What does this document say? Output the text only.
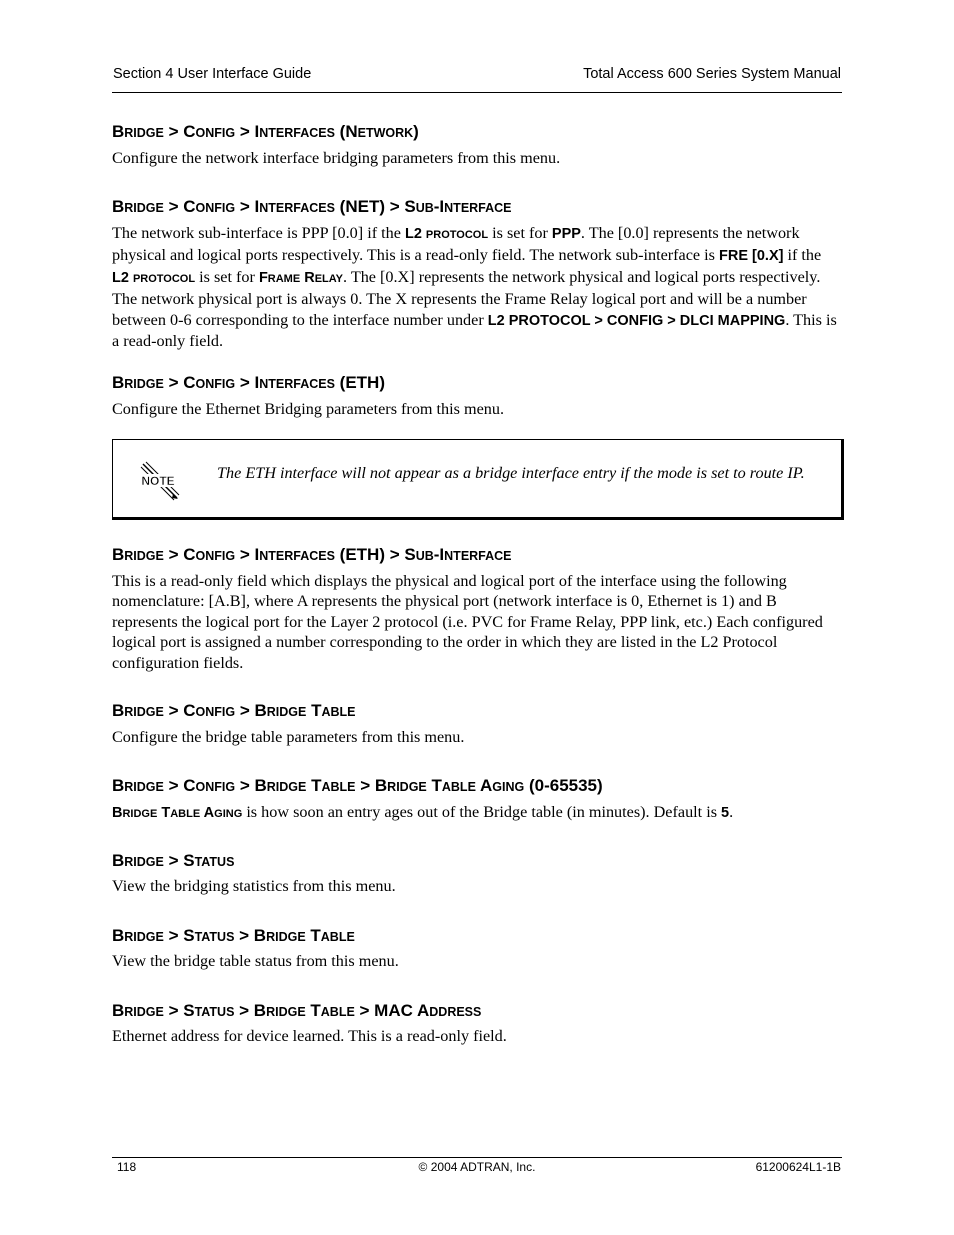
Section 4 User Interface Guide	Total Access 600 Series System Manual
BRIDGE > CONFIG > INTERFACES (NETWORK)

Configure the network interface bridging parameters from this menu.

BRIDGE > CONFIG > INTERFACES (NET) > SUB-INTERFACE

The network sub-interface is PPP [0.0] if the L2 PROTOCOL is set for PPP. The [0.0] represents the network physical and logical ports respectively. This is a read-only field. The network sub-interface is FRE [0.X] if the L2 PROTOCOL is set for FRAME RELAY. The [0.X] represents the network physical and logical ports respectively. The network physical port is always 0. The X represents the Frame Relay logical port and will be a number between 0-6 corresponding to the interface number under L2 PROTOCOL > CONFIG > DLCI MAPPING. This is a read-only field.

BRIDGE > CONFIG > INTERFACES (ETH)

Configure the Ethernet Bridging parameters from this menu.

BRIDGE > CONFIG > INTERFACES (ETH) > SUB-INTERFACE

This is a read-only field which displays the physical and logical port of the interface using the following nomenclature: [A.B], where A represents the physical port (network interface is 0, Ethernet is 1) and B represents the logical port for the Layer 2 protocol (i.e. PVC for Frame Relay, PPP link, etc.) Each configured logical port is assigned a number corresponding to the order in which they are listed in the L2 Protocol configuration fields.

BRIDGE > CONFIG > BRIDGE TABLE

Configure the bridge table parameters from this menu.

BRIDGE > CONFIG > BRIDGE TABLE > BRIDGE TABLE AGING (0-65535)

BRIDGE TABLE AGING is how soon an entry ages out of the Bridge table (in minutes). Default is 5.

BRIDGE > STATUS

View the bridging statistics from this menu.

BRIDGE > STATUS > BRIDGE TABLE

View the bridge table status from this menu.

BRIDGE > STATUS > BRIDGE TABLE > MAC ADDRESS

Ethernet address for device learned. This is a read-only field.

NOTE	The ETH interface will not appear as a bridge interface entry if the mode is set to route IP.
118	© 2004 ADTRAN, Inc.	61200624L1-1B
